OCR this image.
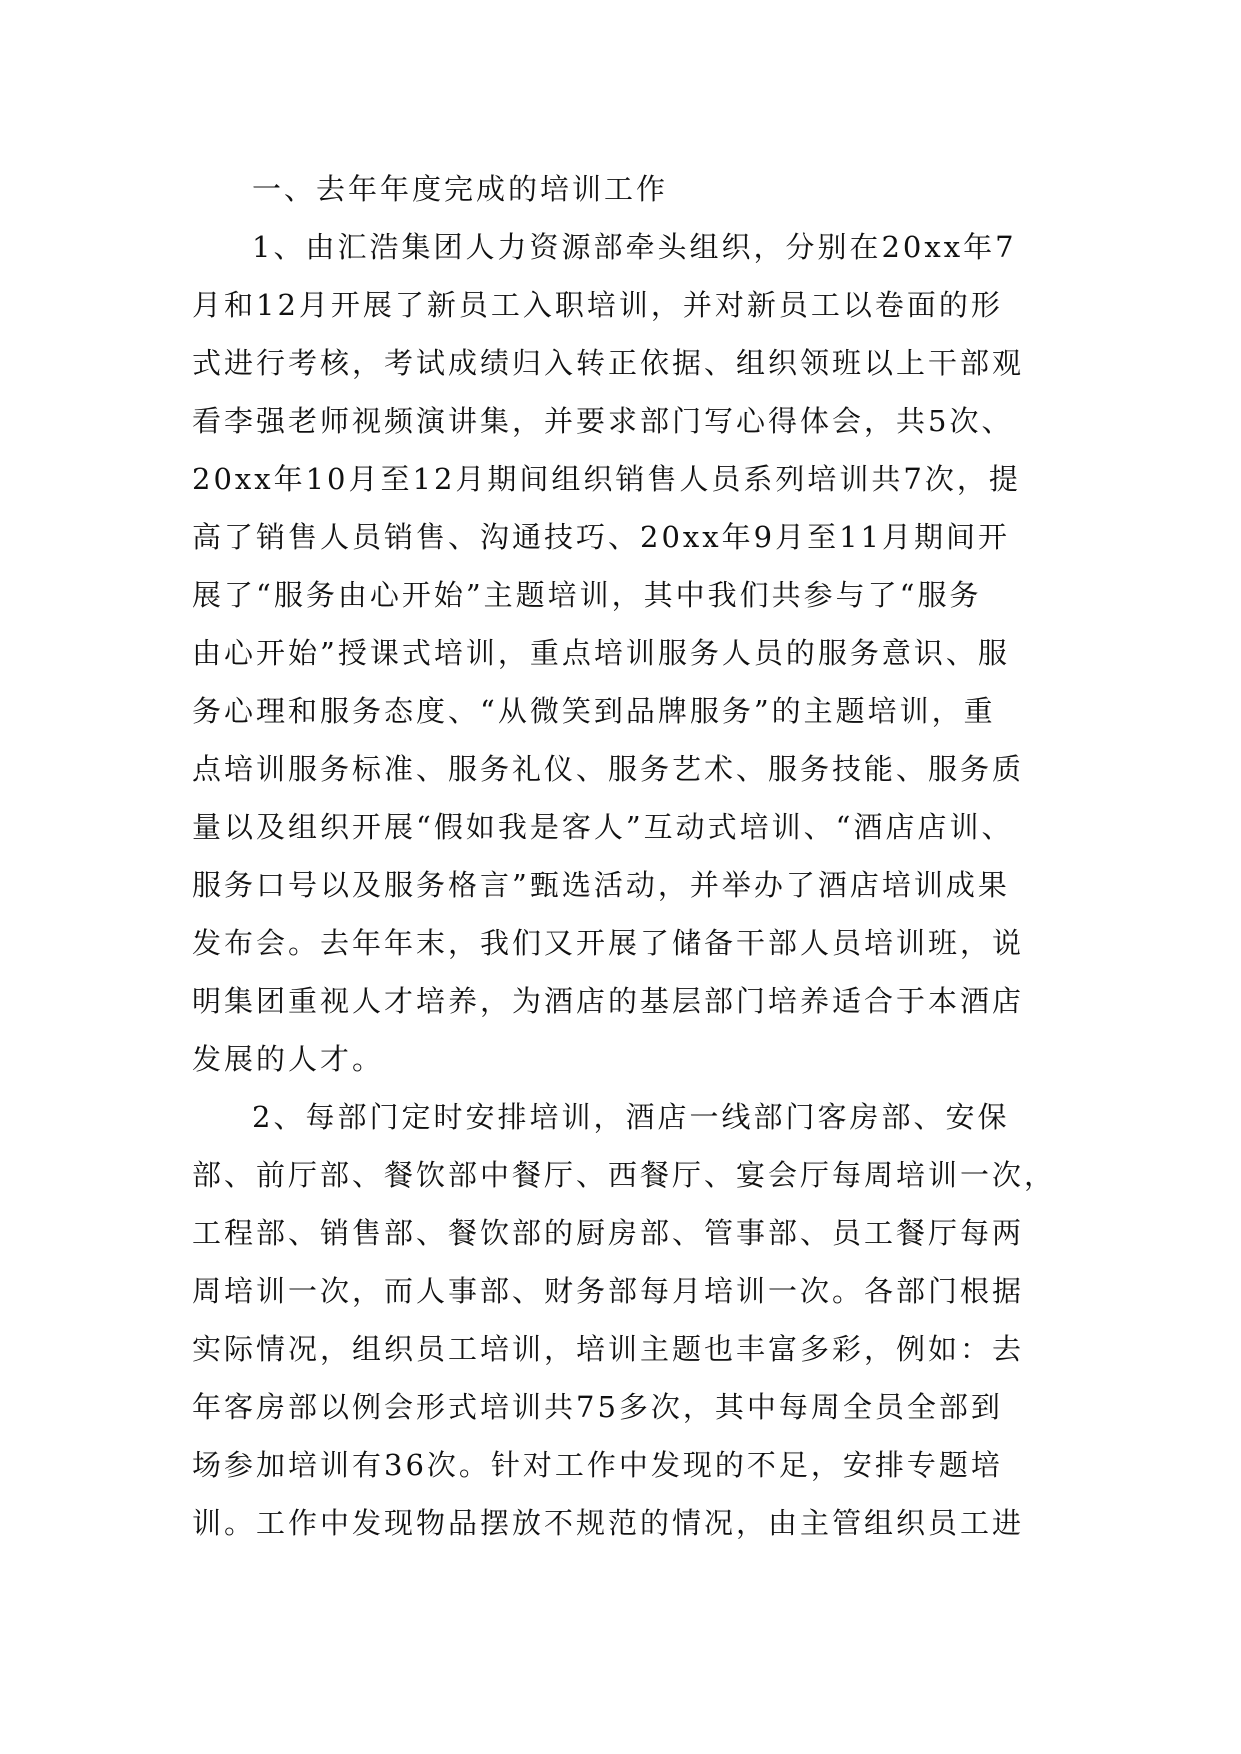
一、去年年度完成的培训工作
1、由汇浩集团人力资源部牵头组织，分别在20xx年7
月和12月开展了新员工入职培训，并对新员工以卷面的形
式进行考核，考试成绩归入转正依据、组织领班以上干部观
看李强老师视频演讲集，并要求部门写心得体会，共5次、
20xx年10月至12月期间组织销售人员系列培训共7次，提
高了销售人员销售、沟通技巧、20xx年9月至11月期间开
展了“服务由心开始”主题培训，其中我们共参与了“服务
由心开始”授课式培训，重点培训服务人员的服务意识、服
务心理和服务态度、“从微笑到品牌服务”的主题培训，重
点培训服务标准、服务礼仪、服务艺术、服务技能、服务质
量以及组织开展“假如我是客人”互动式培训、“酒店店训、
服务口号以及服务格言”甄选活动，并举办了酒店培训成果
发布会。去年年末，我们又开展了储备干部人员培训班，说
明集团重视人才培养，为酒店的基层部门培养适合于本酒店
发展的人才。
2、每部门定时安排培训，酒店一线部门客房部、安保
部、前厅部、餐饮部中餐厅、西餐厅、宴会厅每周培训一次，
工程部、销售部、餐饮部的厨房部、管事部、员工餐厅每两
周培训一次，而人事部、财务部每月培训一次。各部门根据
实际情况，组织员工培训，培训主题也丰富多彩，例如：去
年客房部以例会形式培训共75多次，其中每周全员全部到
场参加培训有36次。针对工作中发现的不足，安排专题培
训。工作中发现物品摆放不规范的情况，由主管组织员工进
